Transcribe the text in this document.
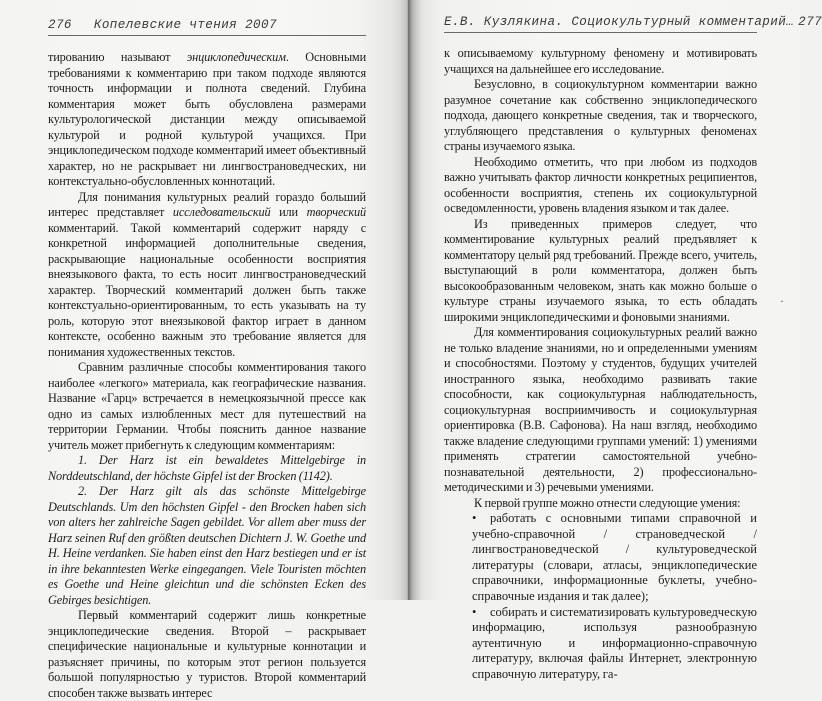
276 Копелевские чтения 2007

тированию называют энциклопедическим. Основными требованиями к комментарию при таком подходе являются точность информации и полнота сведений. Глубина комментария может быть обусловлена размерами культурологической дистанции между описываемой культурой и родной культурой учащихся. При энциклопедическом подходе комментарий имеет объективный характер, но не раскрывает ни лингвострановедческих, ни контекстуально-обусловленных коннотаций.

Для понимания культурных реалий гораздо больший интерес представляет исследовательский или творческий комментарий. Такой комментарий содержит наряду с конкретной информацией дополнительные сведения, раскрывающие национальные особенности восприятия внеязыкового факта, то есть носит лингвострановедческий характер. Творческий комментарий должен быть также контекстуально-ориентированным, то есть указывать на ту роль, которую этот внеязыковой фактор играет в данном контексте, особенно важным это требование является для понимания художественных текстов.

Сравним различные способы комментирования такого наиболее «легкого» материала, как географические названия. Название «Гарц» встречается в немецкоязычной прессе как одно из самых излюбленных мест для путешествий на территории Германии. Чтобы пояснить данное название учитель может прибегнуть к следующим комментариям:

1. Der Harz ist ein bewaldetes Mittelgebirge in Norddeutschland, der höchste Gipfel ist der Brocken (1142).

2. Der Harz gilt als das schönste Mittelgebirge Deutschlands. Um den höchsten Gipfel - den Brocken haben sich von alters her zahlreiche Sagen gebildet. Vor allem aber muss der Harz seinen Ruf den größten deutschen Dichtern J. W. Goethe und H. Heine verdanken. Sie haben einst den Harz bestiegen und er ist in ihre bekanntesten Werke eingegangen. Viele Touristen möchten es Goethe und Heine gleichtun und die schönsten Ecken des Gebirges besichtigen.

Первый комментарий содержит лишь конкретные энциклопедические сведения. Второй – раскрывает специфические национальные и культурные коннотации и разъясняет причины, по которым этот регион пользуется большой популярностью у туристов. Второй комментарий способен также вызвать интерес

Е.В. Кузлякина. Социокультурный комментарий… 277

к описываемому культурному феномену и мотивировать учащихся на дальнейшее его исследование.

Безусловно, в социокультурном комментарии важно разумное сочетание как собственно энциклопедического подхода, дающего конкретные сведения, так и творческого, углубляющего представления о культурных феноменах страны изучаемого языка.

Необходимо отметить, что при любом из подходов важно учитывать фактор личности конкретных реципиентов, особенности восприятия, степень их социокультурной осведомленности, уровень владения языком и так далее.

Из приведенных примеров следует, что комментирование культурных реалий предъявляет к комментатору целый ряд требований. Прежде всего, учитель, выступающий в роли комментатора, должен быть высокообразованным человеком, знать как можно больше о культуре страны изучаемого языка, то есть обладать широкими энциклопедическими и фоновыми знаниями.

Для комментирования социокультурных реалий важно не только владение знаниями, но и определенными умениям и способностями. Поэтому у студентов, будущих учителей иностранного языка, необходимо развивать такие способности, как социокультурная наблюдательность, социокультурная восприимчивость и социокультурная ориентировка (В.В. Сафонова). На наш взгляд, необходимо также владение следующими группами умений: 1) умениями применять стратегии самостоятельной учебно-познавательной деятельности, 2) профессионально-методическими и 3) речевыми умениями.

К первой группе можно отнести следующие умения:

• работать с основными типами справочной и учебно-справочной / страноведческой / лингвострановедческой / культуроведческой литературы (словари, атласы, энциклопедические справочники, информационные буклеты, учебно-справочные издания и так далее);
• собирать и систематизировать культуроведческую информацию, используя разнообразную аутентичную и информационно-справочную литературу, включая файлы Интернет, электронную справочную литературу, га-
·
